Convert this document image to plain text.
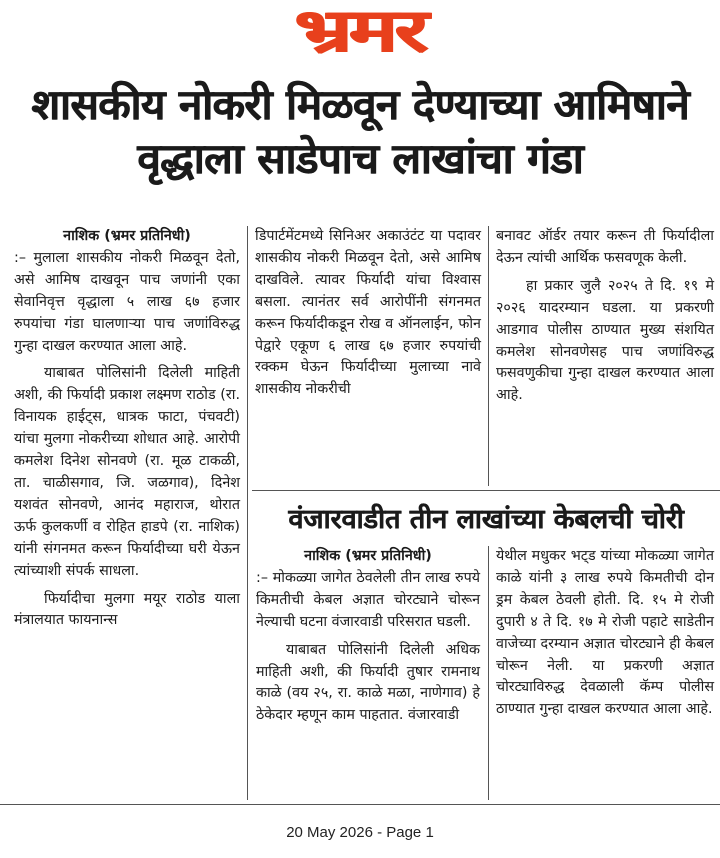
भ्रमर
शासकीय नोकरी मिळवून देण्याच्या आमिषाने वृद्धाला साडेपाच लाखांचा गंडा
नाशिक (भ्रमर प्रतिनिधी)

:– मुलाला शासकीय नोकरी मिळवून देतो, असे आमिष दाखवून पाच जणांनी एका सेवानिवृत्त वृद्धाला ५ लाख ६७ हजार रुपयांचा गंडा घालणाऱ्या पाच जणांविरुद्ध गुन्हा दाखल करण्यात आला आहे.

याबाबत पोलिसांनी दिलेली माहिती अशी, की फिर्यादी प्रकाश लक्ष्मण राठोड (रा. विनायक हाईट्स, धात्रक फाटा, पंचवटी) यांचा मुलगा नोकरीच्या शोधात आहे. आरोपी कमलेश दिनेश सोनवणे (रा. मूळ टाकळी, ता. चाळीसगाव, जि. जळगाव), दिनेश यशवंत सोनवणे, आनंद महाराज, थोरात ऊर्फ कुलकर्णी व रोहित हाडपे (रा. नाशिक) यांनी संगनमत करून फिर्यादीच्या घरी येऊन त्यांच्याशी संपर्क साधला.

फिर्यादीचा मुलगा मयूर राठोड याला मंत्रालयात फायनान्स

डिपार्टमेंटमध्ये सिनिअर अकाउंटंट या पदावर शासकीय नोकरी मिळवून देतो, असे आमिष दाखविले. त्यावर फिर्यादी यांचा विश्वास बसला. त्यानंतर सर्व आरोपींनी संगनमत करून फिर्यादीकडून रोख व ऑनलाईन, फोन पेद्वारे एकूण ६ लाख ६७ हजार रुपयांची रक्कम घेऊन फिर्यादीच्या मुलाच्या नावे शासकीय नोकरीची

बनावट ऑर्डर तयार करून ती फिर्यादीला देऊन त्यांची आर्थिक फसवणूक केली.

हा प्रकार जुलै २०२५ ते दि. १९ मे २०२६ यादरम्यान घडला. या प्रकरणी आडगाव पोलीस ठाण्यात मुख्य संशयित कमलेश सोनवणेसह पाच जणांविरुद्ध फसवणुकीचा गुन्हा दाखल करण्यात आला आहे.

वंजारवाडीत तीन लाखांच्या केबलची चोरी
नाशिक (भ्रमर प्रतिनिधी)

:– मोकळ्या जागेत ठेवलेली तीन लाख रुपये किमतीची केबल अज्ञात चोरट्याने चोरून नेल्याची घटना वंजारवाडी परिसरात घडली.

याबाबत पोलिसांनी दिलेली अधिक माहिती अशी, की फिर्यादी तुषार रामनाथ काळे (वय २५, रा. काळे मळा, नाणेगाव) हे ठेकेदार म्हणून काम पाहतात. वंजारवाडी

येथील मधुकर भट्ड यांच्या मोकळ्या जागेत काळे यांनी ३ लाख रुपये किमतीची दोन ड्रम केबल ठेवली होती. दि. १५ मे रोजी दुपारी ४ ते दि. १७ मे रोजी पहाटे साडेतीन वाजेच्या दरम्यान अज्ञात चोरट्याने ही केबल चोरून नेली. या प्रकरणी अज्ञात चोरट्याविरुद्ध देवळाली कॅम्प पोलीस ठाण्यात गुन्हा दाखल करण्यात आला आहे.

20 May 2026 - Page 1
